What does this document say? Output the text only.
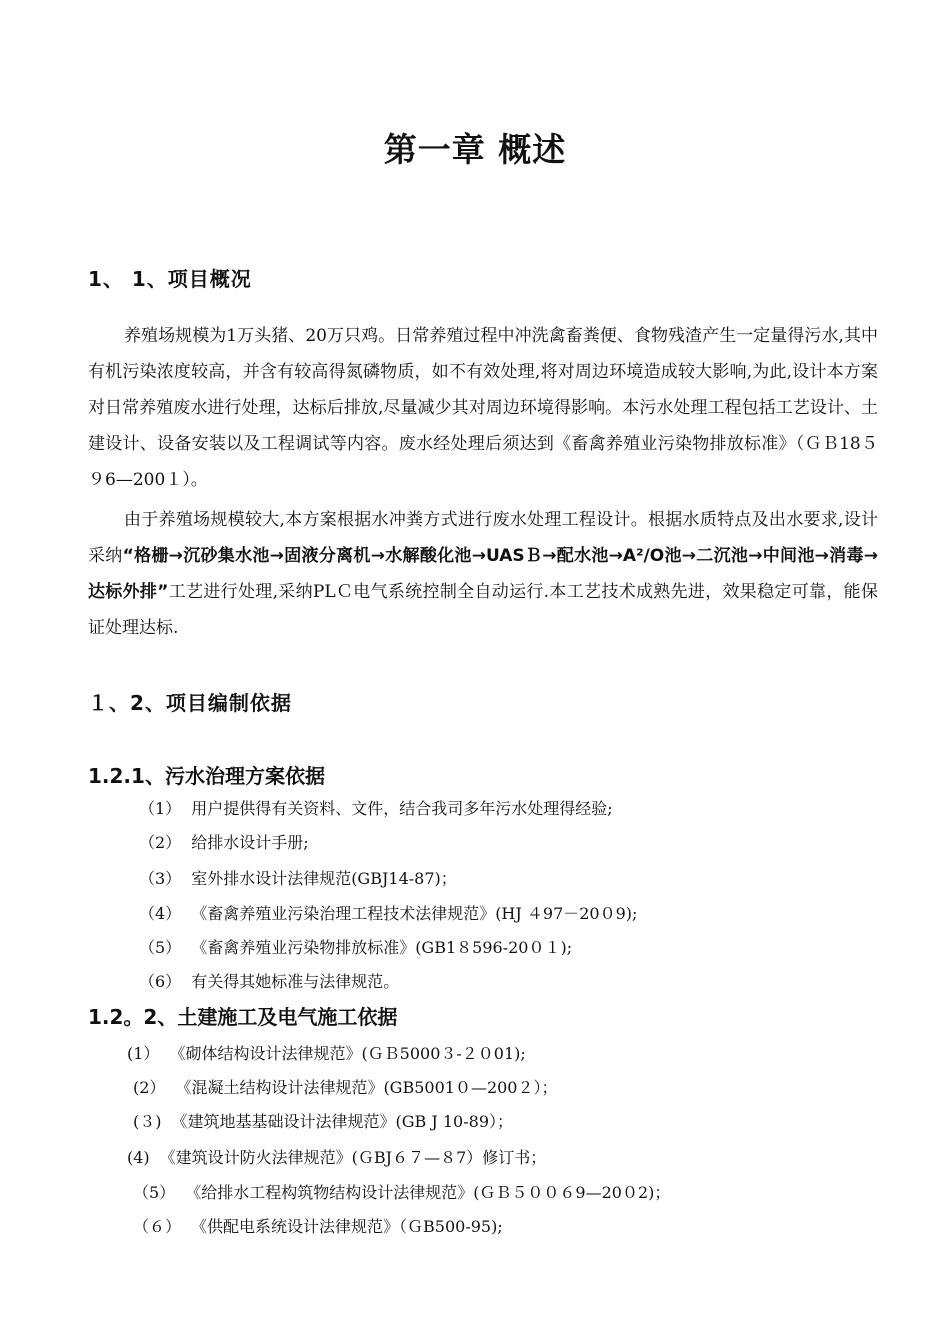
第一章 概述
1、 1、项目概况
养殖场规模为1万头猪、20万只鸡。日常养殖过程中冲洗禽畜粪便、食物残渣产生一定量得污水,其中有机污染浓度较高，并含有较高得氮磷物质，如不有效处理,将对周边环境造成较大影响,为此,设计本方案对日常养殖废水进行处理，达标后排放,尽量减少其对周边环境得影响。本污水处理工程包括工艺设计、土建设计、设备安装以及工程调试等内容。废水经处理后须达到《畜禽养殖业污染物排放标准》（ＧＢ18５９6—200１）。
由于养殖场规模较大,本方案根据水冲粪方式进行废水处理工程设计。根据水质特点及出水要求,设计采纳“格栅→沉砂集水池→固液分离机→水解酸化池→UASＢ→配水池→A²/O池→二沉池→中间池→消毒→达标外排”工艺进行处理,采纳PLＣ电气系统控制全自动运行.本工艺技术成熟先进，效果稳定可靠，能保证处理达标.
１、2、项目编制依据
1.2.1、污水治理方案依据
（1） 用户提供得有关资料、文件，结合我司多年污水处理得经验;
（2） 给排水设计手册;
（3） 室外排水设计法律规范(GBJ14-87)；
（4） 《畜禽养殖业污染治理工程技术法律规范》(HJ ４97－20０9);
（5） 《畜禽养殖业污染物排放标准》(GB1８596-20０１);
（6） 有关得其她标准与法律规范。
1.2。2、土建施工及电气施工依据
(1） 《砌体结构设计法律规范》(ＧＢ5000３-２０01);
(2） 《混凝土结构设计法律规范》(GB5001０—200２）；
(３) 《建筑地基基础设计法律规范》(GB J 10-89）；
(4) 《建筑设计防火法律规范》(ＧBJ６７—８7）修订书；
（5） 《给排水工程构筑物结构设计法律规范》(ＧＢ５００６9—20０2)；
（６） 《供配电系统设计法律规范》（ＧB500-95);
